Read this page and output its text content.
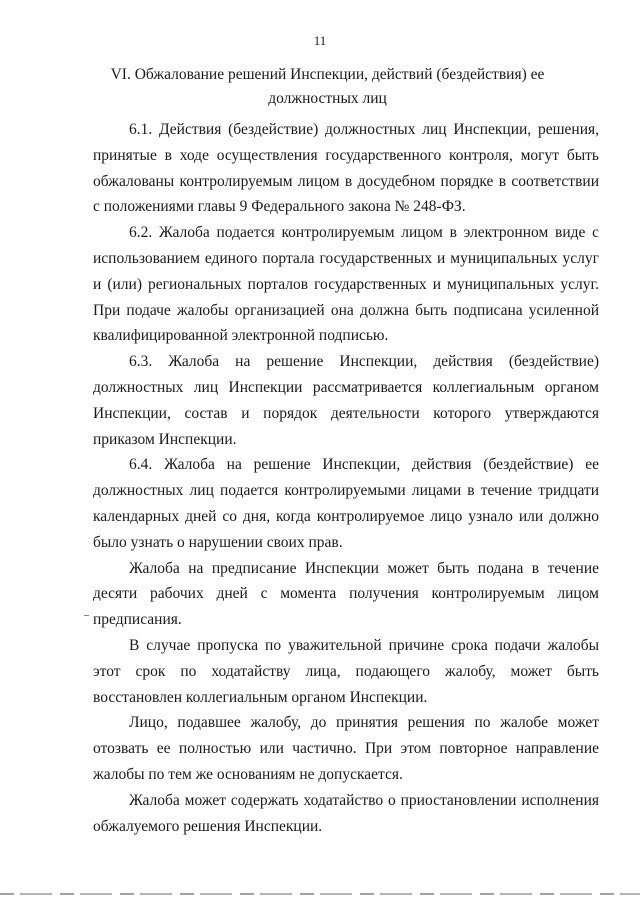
11
VI. Обжалование решений Инспекции, действий (бездействия) ее
должностных лиц

6.1. Действия (бездействие) должностных лиц Инспекции, решения, принятые в ходе осуществления государственного контроля, могут быть обжалованы контролируемым лицом в досудебном порядке в соответствии с положениями главы 9 Федерального закона № 248-ФЗ.

6.2. Жалоба подается контролируемым лицом в электронном виде с использованием единого портала государственных и муниципальных услуг и (или) региональных порталов государственных и муниципальных услуг. При подаче жалобы организацией она должна быть подписана усиленной квалифицированной электронной подписью.

6.3. Жалоба на решение Инспекции, действия (бездействие) должностных лиц Инспекции рассматривается коллегиальным органом Инспекции, состав и порядок деятельности которого утверждаются приказом Инспекции.

6.4. Жалоба на решение Инспекции, действия (бездействие) ее должностных лиц подается контролируемыми лицами в течение тридцати календарных дней со дня, когда контролируемое лицо узнало или должно было узнать о нарушении своих прав.

Жалоба на предписание Инспекции может быть подана в течение десяти рабочих дней с момента получения контролируемым лицом предписания.

В случае пропуска по уважительной причине срока подачи жалобы этот срок по ходатайству лица, подающего жалобу, может быть восстановлен коллегиальным органом Инспекции.

Лицо, подавшее жалобу, до принятия решения по жалобе может отозвать ее полностью или частично. При этом повторное направление жалобы по тем же основаниям не допускается.

Жалоба может содержать ходатайство о приостановлении исполнения обжалуемого решения Инспекции.
